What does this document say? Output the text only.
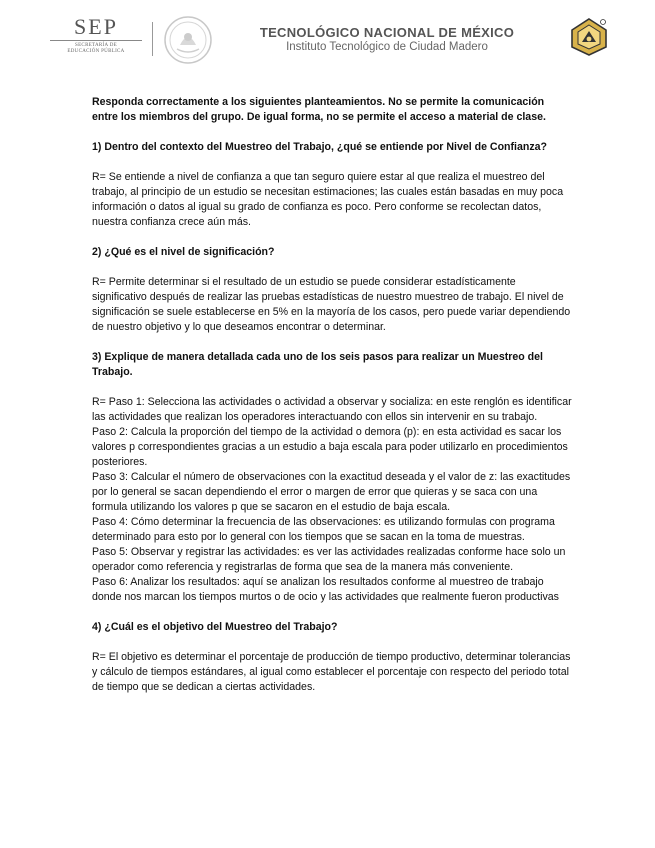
SEP
SECRETARÍA DE
EDUCACIÓN PÚBLICA
TECNOLÓGICO NACIONAL DE MÉXICO
Instituto Tecnológico de Ciudad Madero

Responda correctamente a los siguientes planteamientos. No se permite la comunicación entre los miembros del grupo. De igual forma, no se permite el acceso a material de clase.

1) Dentro del contexto del Muestreo del Trabajo, ¿qué se entiende por Nivel de Confianza?

R= Se entiende a nivel de confianza a que tan seguro quiere estar al que realiza el muestreo del trabajo, al principio de un estudio se necesitan estimaciones; las cuales están basadas en muy poca información o datos al igual su grado de confianza es poco. Pero conforme se recolectan datos, nuestra confianza crece aún más.

2) ¿Qué es el nivel de significación?

R= Permite determinar si el resultado de un estudio se puede considerar estadísticamente significativo después de realizar las pruebas estadísticas de nuestro muestreo de trabajo. El nivel de significación se suele establecerse en 5% en la mayoría de los casos, pero puede variar dependiendo de nuestro objetivo y lo que deseamos encontrar o determinar.

3) Explique de manera detallada cada uno de los seis pasos para realizar un Muestreo del Trabajo.

R= Paso 1: Selecciona las actividades o actividad a observar y socializa: en este renglón es identificar las actividades que realizan los operadores interactuando con ellos sin intervenir en su trabajo.

Paso 2: Calcula la proporción del tiempo de la actividad o demora (p): en esta actividad es sacar los valores p correspondientes gracias a un estudio a baja escala para poder utilizarlo en procedimientos posteriores.

Paso 3: Calcular el número de observaciones con la exactitud deseada y el valor de z: las exactitudes por lo general se sacan dependiendo el error o margen de error que quieras y se saca con una formula utilizando los valores p que se sacaron en el estudio de baja escala.

Paso 4: Cómo determinar la frecuencia de las observaciones: es utilizando formulas con programa determinado para esto por lo general con los tiempos que se sacan en la toma de muestras.

Paso 5: Observar y registrar las actividades: es ver las actividades realizadas conforme hace solo un operador como referencia y registrarlas de forma que sea de la manera más conveniente.

Paso 6: Analizar los resultados: aquí se analizan los resultados conforme al muestreo de trabajo donde nos marcan los tiempos murtos o de ocio y las actividades que realmente fueron productivas

4) ¿Cuál es el objetivo del Muestreo del Trabajo?

R= El objetivo es determinar el porcentaje de producción de tiempo productivo, determinar tolerancias y cálculo de tiempos estándares, al igual como establecer el porcentaje con respecto del periodo total de tiempo que se dedican a ciertas actividades.
